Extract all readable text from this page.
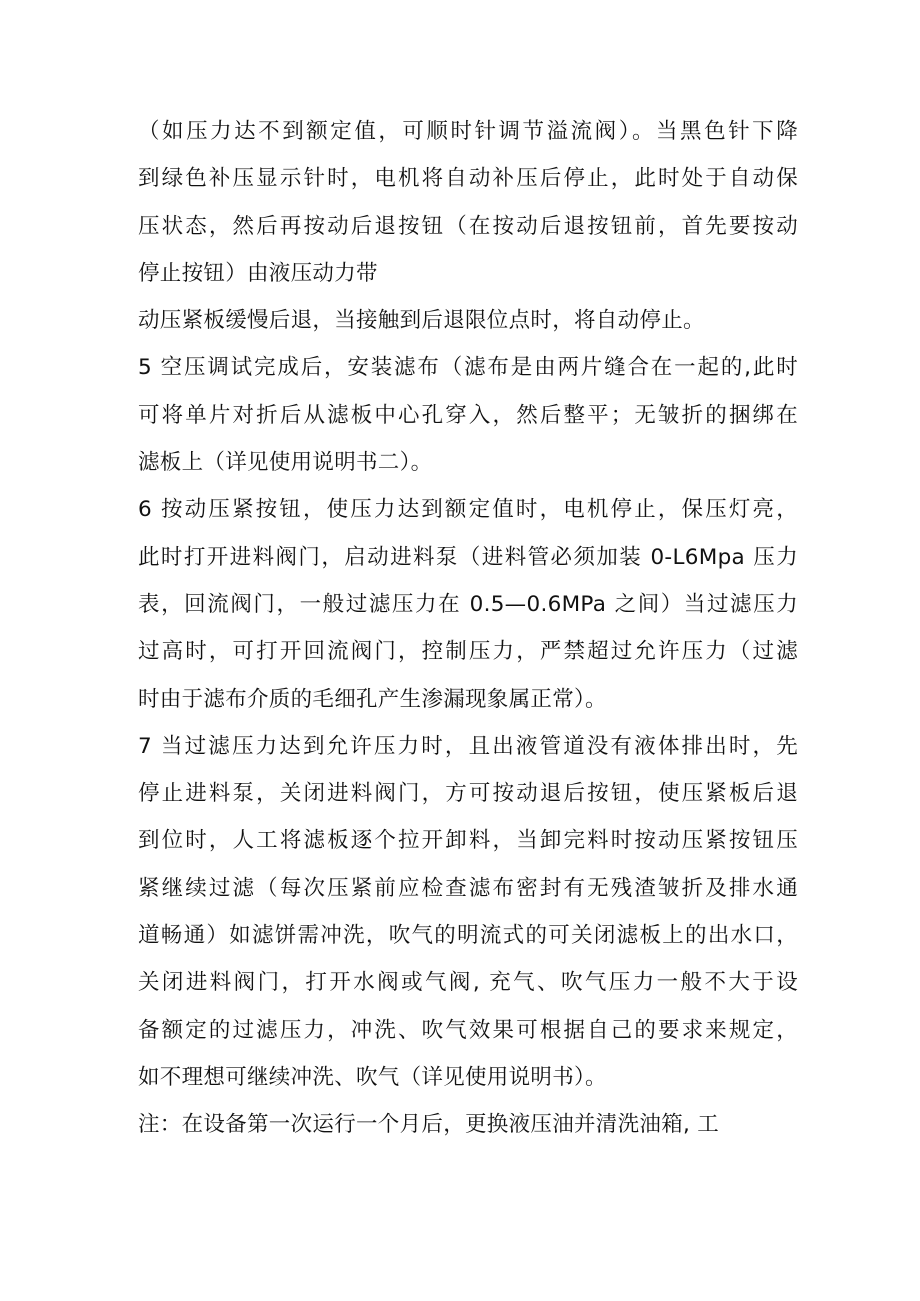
（如压力达不到额定值，可顺时针调节溢流阀）。当黑色针下降
到绿色补压显示针时，电机将自动补压后停止，此时处于自动保
压状态，然后再按动后退按钮（在按动后退按钮前，首先要按动
停止按钮）由液压动力带
动压紧板缓慢后退，当接触到后退限位点时，将自动停止。
5 空压调试完成后，安装滤布（滤布是由两片缝合在一起的,此时
可将单片对折后从滤板中心孔穿入，然后整平；无皱折的捆绑在
滤板上（详见使用说明书二）。
6 按动压紧按钮，使压力达到额定值时，电机停止，保压灯亮，
此时打开进料阀门，启动进料泵（进料管必须加装 0-L6Mpa 压力
表，回流阀门，一般过滤压力在 0.5—0.6MPa 之间）当过滤压力
过高时，可打开回流阀门，控制压力，严禁超过允许压力（过滤
时由于滤布介质的毛细孔产生渗漏现象属正常）。
7 当过滤压力达到允许压力时，且出液管道没有液体排出时，先
停止进料泵，关闭进料阀门，方可按动退后按钮，使压紧板后退
到位时，人工将滤板逐个拉开卸料，当卸完料时按动压紧按钮压
紧继续过滤（每次压紧前应检查滤布密封有无残渣皱折及排水通
道畅通）如滤饼需冲洗，吹气的明流式的可关闭滤板上的出水口，
关闭进料阀门，打开水阀或气阀, 充气、吹气压力一般不大于设
备额定的过滤压力，冲洗、吹气效果可根据自己的要求来规定，
如不理想可继续冲洗、吹气（详见使用说明书）。
注：在设备第一次运行一个月后，更换液压油并清洗油箱, 工
